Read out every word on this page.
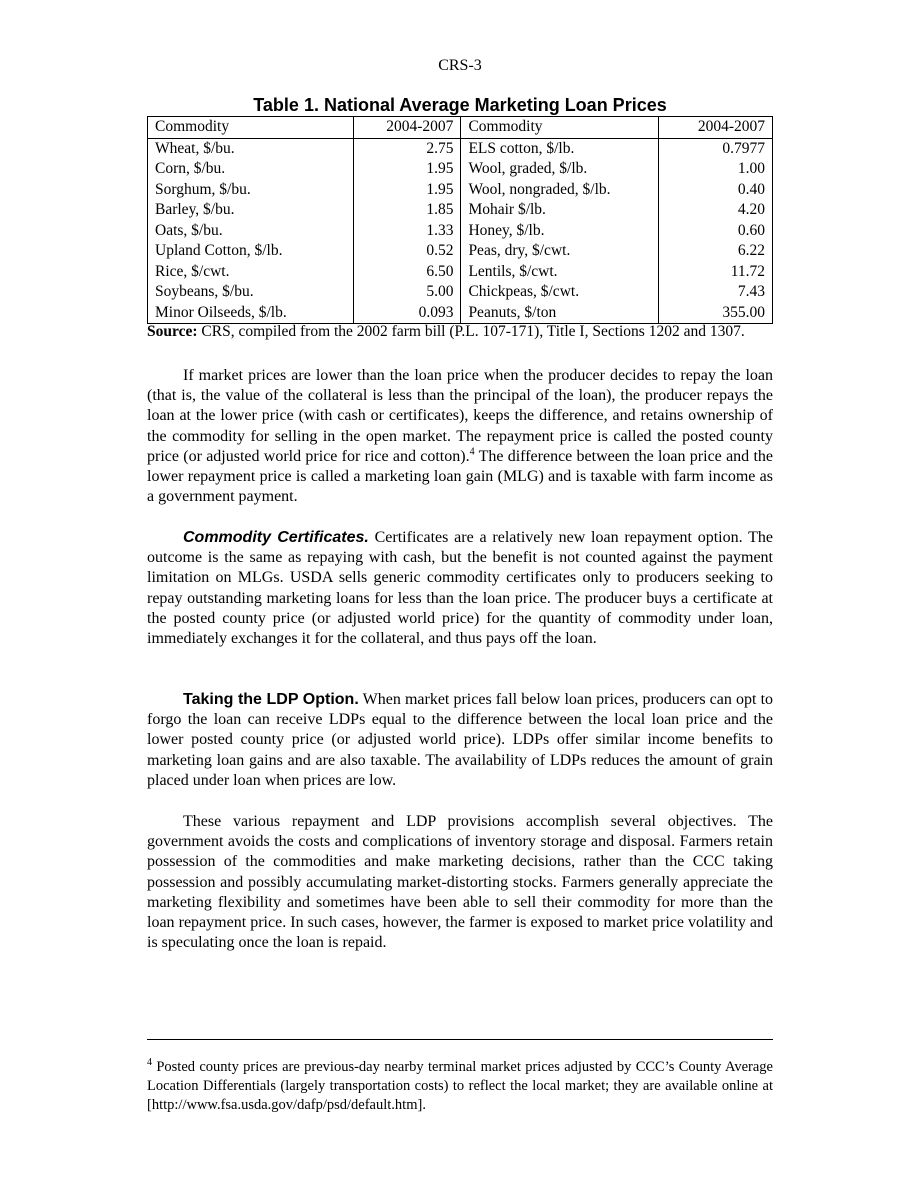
CRS-3
Table 1. National Average Marketing Loan Prices
Commodity	2004-2007	Commodity	2004-2007
Wheat, $/bu.	2.75	ELS cotton, $/lb.	0.7977
Corn, $/bu.	1.95	Wool, graded, $/lb.	1.00
Sorghum, $/bu.	1.95	Wool, nongraded, $/lb.	0.40
Barley, $/bu.	1.85	Mohair $/lb.	4.20
Oats, $/bu.	1.33	Honey, $/lb.	0.60
Upland Cotton, $/lb.	0.52	Peas, dry, $/cwt.	6.22
Rice, $/cwt.	6.50	Lentils, $/cwt.	11.72
Soybeans, $/bu.	5.00	Chickpeas, $/cwt.	7.43
Minor Oilseeds, $/lb.	0.093	Peanuts, $/ton	355.00
Source: CRS, compiled from the 2002 farm bill (P.L. 107-171), Title I, Sections 1202 and 1307.

If market prices are lower than the loan price when the producer decides to repay the loan (that is, the value of the collateral is less than the principal of the loan), the producer repays the loan at the lower price (with cash or certificates), keeps the difference, and retains ownership of the commodity for selling in the open market. The repayment price is called the posted county price (or adjusted world price for rice and cotton).$^4$ The difference between the loan price and the lower repayment price is called a marketing loan gain (MLG) and is taxable with farm income as a government payment.

Commodity Certificates. Certificates are a relatively new loan repayment option. The outcome is the same as repaying with cash, but the benefit is not counted against the payment limitation on MLGs. USDA sells generic commodity certificates only to producers seeking to repay outstanding marketing loans for less than the loan price. The producer buys a certificate at the posted county price (or adjusted world price) for the quantity of commodity under loan, immediately exchanges it for the collateral, and thus pays off the loan.

Taking the LDP Option. When market prices fall below loan prices, producers can opt to forgo the loan can receive LDPs equal to the difference between the local loan price and the lower posted county price (or adjusted world price). LDPs offer similar income benefits to marketing loan gains and are also taxable. The availability of LDPs reduces the amount of grain placed under loan when prices are low.

These various repayment and LDP provisions accomplish several objectives. The government avoids the costs and complications of inventory storage and disposal. Farmers retain possession of the commodities and make marketing decisions, rather than the CCC taking possession and possibly accumulating market-distorting stocks. Farmers generally appreciate the marketing flexibility and sometimes have been able to sell their commodity for more than the loan repayment price. In such cases, however, the farmer is exposed to market price volatility and is speculating once the loan is repaid.

$^4$ Posted county prices are previous-day nearby terminal market prices adjusted by CCC’s County Average Location Differentials (largely transportation costs) to reflect the local market; they are available online at [http://www.fsa.usda.gov/dafp/psd/default.htm].
